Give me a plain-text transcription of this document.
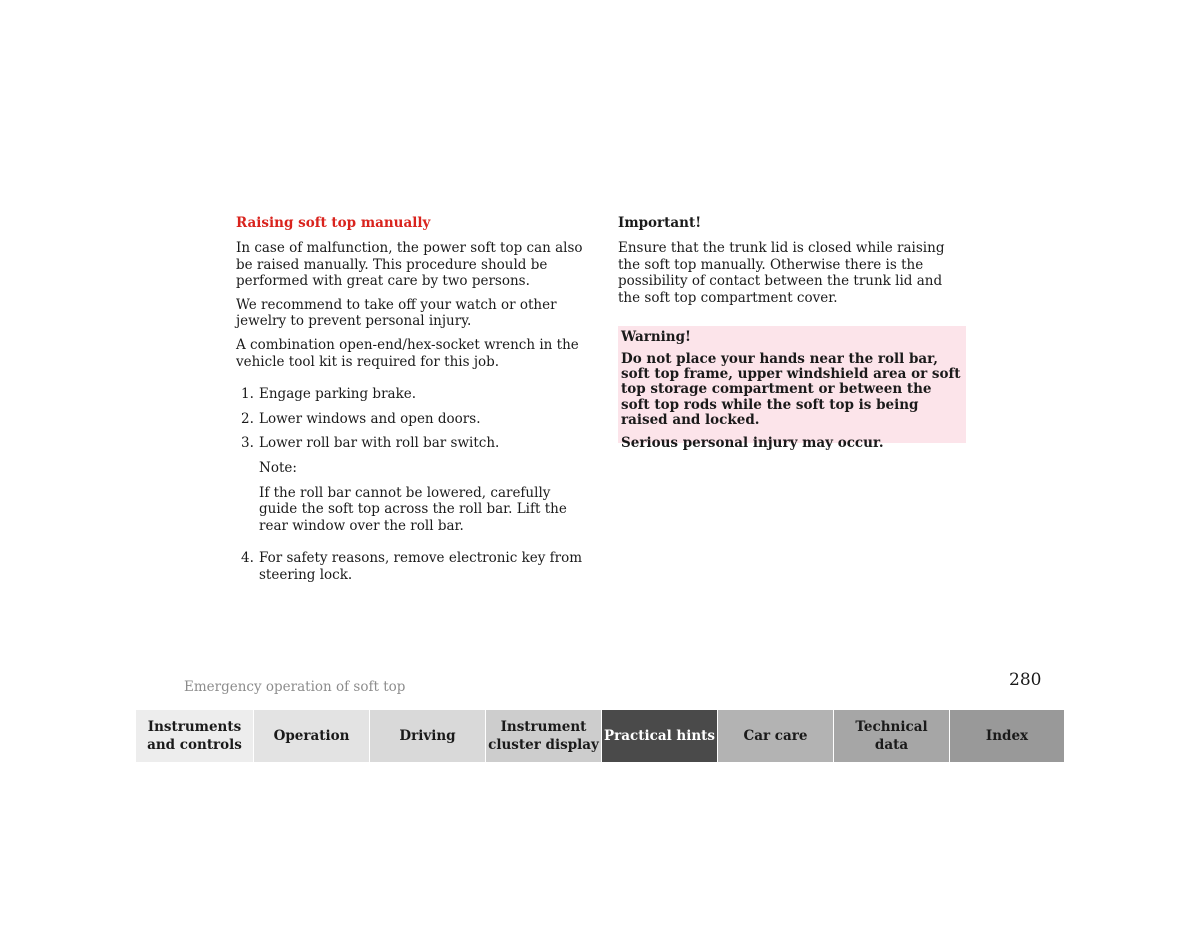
Raising soft top manually

In case of malfunction, the power soft top can also be raised manually. This procedure should be performed with great care by two persons.

We recommend to take off your watch or other jewelry to prevent personal injury.

A combination open-end/hex-socket wrench in the vehicle tool kit is required for this job.

1. Engage parking brake.
2. Lower windows and open doors.
3. Lower roll bar with roll bar switch.

Note:

If the roll bar cannot be lowered, carefully guide the soft top across the roll bar. Lift the rear window over the roll bar.

4. For safety reasons, remove electronic key from steering lock.
Important!

Ensure that the trunk lid is closed while raising the soft top manually. Otherwise there is the possibility of contact between the trunk lid and the soft top compartment cover.

Warning!

Do not place your hands near the roll bar, soft top frame, upper windshield area or soft top storage compartment or between the soft top rods while the soft top is being raised and locked.

Serious personal injury may occur.

Emergency operation of soft top	280
Instruments
and controls
Operation	Driving
Instrument
cluster display
Practical hints	Car care
Technical
data
Index
